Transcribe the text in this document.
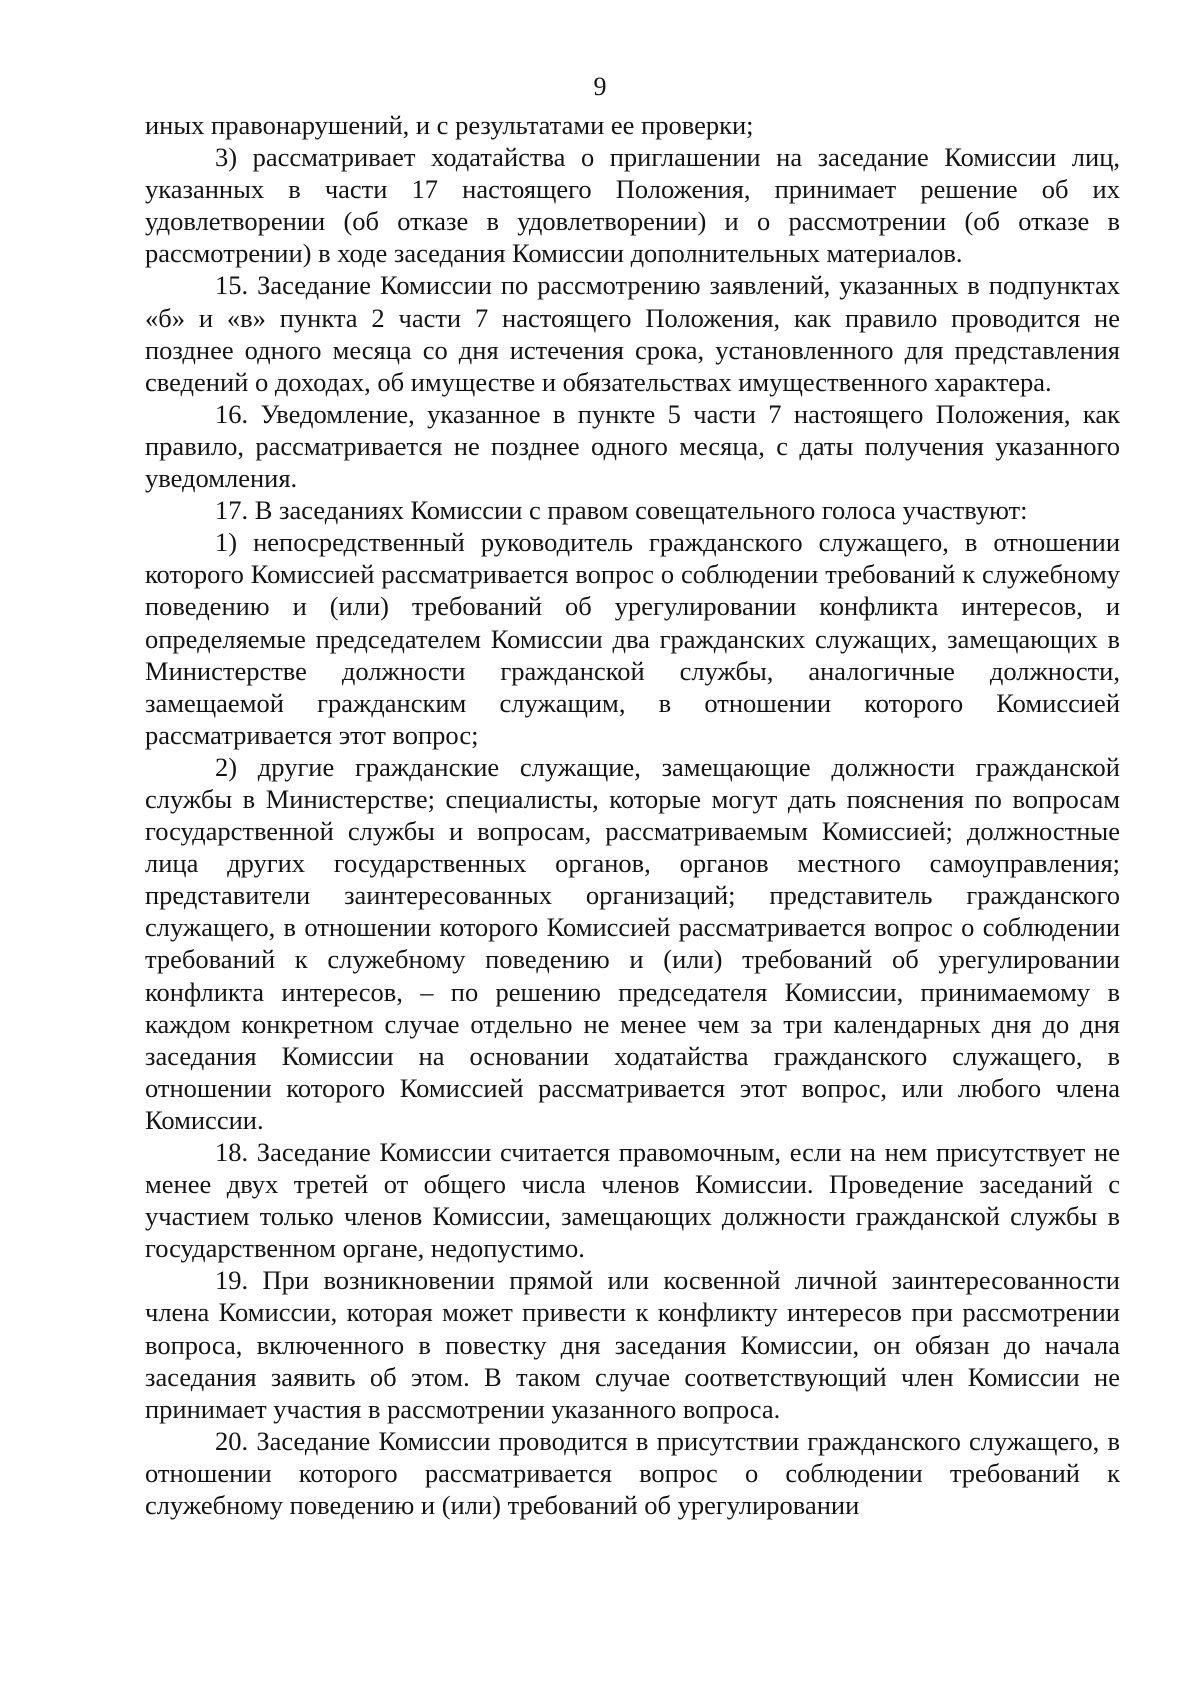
9

иных правонарушений, и с результатами ее проверки;

3) рассматривает ходатайства о приглашении на заседание Комиссии лиц, указанных в части 17 настоящего Положения, принимает решение об их удовлетворении (об отказе в удовлетворении) и о рассмотрении (об отказе в рассмотрении) в ходе заседания Комиссии дополнительных материалов.

15. Заседание Комиссии по рассмотрению заявлений, указанных в подпунктах «б» и «в» пункта 2 части 7 настоящего Положения, как правило проводится не позднее одного месяца со дня истечения срока, установленного для представления сведений о доходах, об имуществе и обязательствах имущественного характера.

16. Уведомление, указанное в пункте 5 части 7 настоящего Положения, как правило, рассматривается не позднее одного месяца, с даты получения указанного уведомления.

17. В заседаниях Комиссии с правом совещательного голоса участвуют:

1) непосредственный руководитель гражданского служащего, в отношении которого Комиссией рассматривается вопрос о соблюдении требований к служебному поведению и (или) требований об урегулировании конфликта интересов, и определяемые председателем Комиссии два гражданских служащих, замещающих в Министерстве должности гражданской службы, аналогичные должности, замещаемой гражданским служащим, в отношении которого Комиссией рассматривается этот вопрос;

2) другие гражданские служащие, замещающие должности гражданской службы в Министерстве; специалисты, которые могут дать пояснения по вопросам государственной службы и вопросам, рассматриваемым Комиссией; должностные лица других государственных органов, органов местного самоуправления; представители заинтересованных организаций; представитель гражданского служащего, в отношении которого Комиссией рассматривается вопрос о соблюдении требований к служебному поведению и (или) требований об урегулировании конфликта интересов, – по решению председателя Комиссии, принимаемому в каждом конкретном случае отдельно не менее чем за три календарных дня до дня заседания Комиссии на основании ходатайства гражданского служащего, в отношении которого Комиссией рассматривается этот вопрос, или любого члена Комиссии.

18. Заседание Комиссии считается правомочным, если на нем присутствует не менее двух третей от общего числа членов Комиссии. Проведение заседаний с участием только членов Комиссии, замещающих должности гражданской службы в государственном органе, недопустимо.

19. При возникновении прямой или косвенной личной заинтересованности члена Комиссии, которая может привести к конфликту интересов при рассмотрении вопроса, включенного в повестку дня заседания Комиссии, он обязан до начала заседания заявить об этом. В таком случае соответствующий член Комиссии не принимает участия в рассмотрении указанного вопроса.

20. Заседание Комиссии проводится в присутствии гражданского служащего, в отношении которого рассматривается вопрос о соблюдении требований к служебному поведению и (или) требований об урегулировании
